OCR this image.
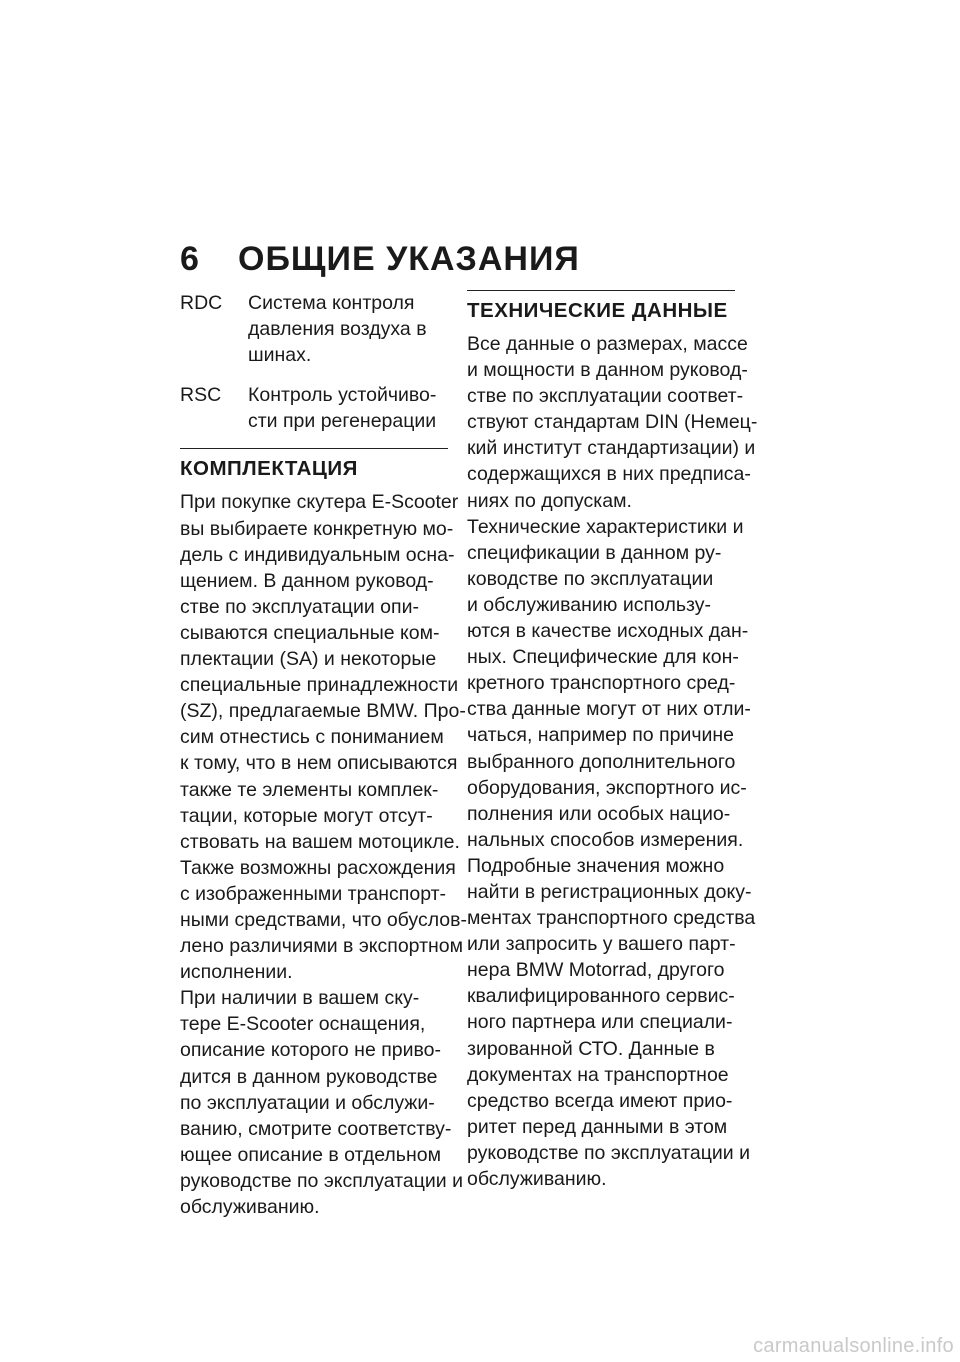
6 ОБЩИЕ УКАЗАНИЯ
RDC	Система контроля
давления воздуха в
шинах.
RSC	Контроль устойчиво-
сти при регенерации
КОМПЛЕКТАЦИЯ
При покупке скутера E-Scooter
вы выбираете конкретную мо-
дель с индивидуальным осна-
щением. В данном руковод-
стве по эксплуатации опи-
сываются специальные ком-
плектации (SA) и некоторые
специальные принадлежности
(SZ), предлагаемые BMW. Про-
сим отнестись с пониманием
к тому, что в нем описываются
также те элементы комплек-
тации, которые могут отсут-
ствовать на вашем мотоцикле.
Также возможны расхождения
с изображенными транспорт-
ными средствами, что обуслов-
лено различиями в экспортном
исполнении.
При наличии в вашем ску-
тере E-Scooter оснащения,
описание которого не приво-
дится в данном руководстве
по эксплуатации и обслужи-
ванию, смотрите соответству-
ющее описание в отдельном
руководстве по эксплуатации и
обслуживанию.
ТЕХНИЧЕСКИЕ ДАННЫЕ
Все данные о размерах, массе
и мощности в данном руковод-
стве по эксплуатации соответ-
ствуют стандартам DIN (Немец-
кий институт стандартизации) и
содержащихся в них предписа-
ниях по допускам.
Технические характеристики и
спецификации в данном ру-
ководстве по эксплуатации
и обслуживанию использу-
ются в качестве исходных дан-
ных. Специфические для кон-
кретного транспортного сред-
ства данные могут от них отли-
чаться, например по причине
выбранного дополнительного
оборудования, экспортного ис-
полнения или особых нацио-
нальных способов измерения.
Подробные значения можно
найти в регистрационных доку-
ментах транспортного средства
или запросить у вашего парт-
нера BMW Motorrad, другого
квалифицированного сервис-
ного партнера или специали-
зированной СТО. Данные в
документах на транспортное
средство всегда имеют прио-
ритет перед данными в этом
руководстве по эксплуатации и
обслуживанию.
carmanualsonline.info
